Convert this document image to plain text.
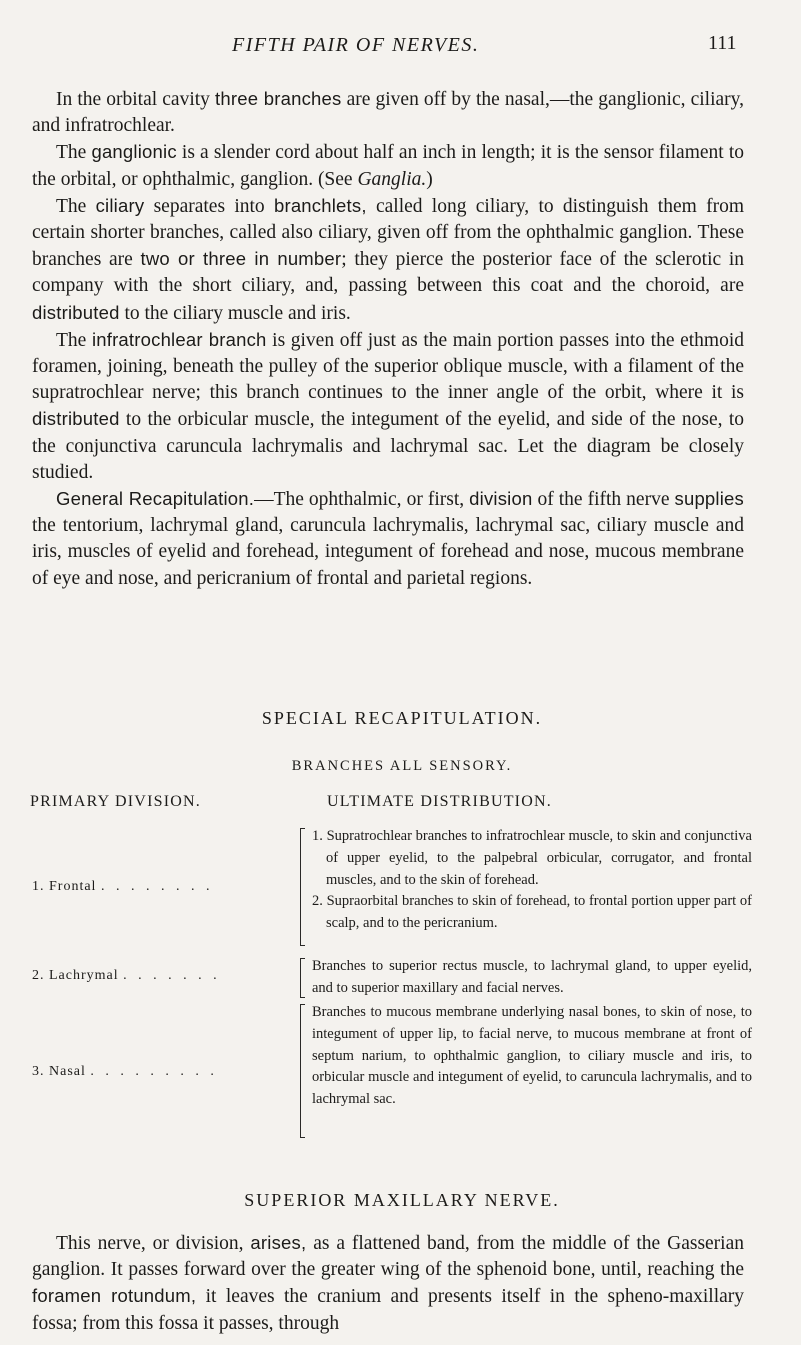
FIFTH PAIR OF NERVES.	111

In the orbital cavity three branches are given off by the nasal,—the ganglionic, ciliary, and infratrochlear.

The ganglionic is a slender cord about half an inch in length; it is the sensor filament to the orbital, or ophthalmic, ganglion. (See Ganglia.)

The ciliary separates into branchlets, called long ciliary, to distinguish them from certain shorter branches, called also ciliary, given off from the ophthalmic ganglion. These branches are two or three in number; they pierce the posterior face of the sclerotic in company with the short ciliary, and, passing between this coat and the choroid, are distributed to the ciliary muscle and iris.

The infratrochlear branch is given off just as the main portion passes into the ethmoid foramen, joining, beneath the pulley of the superior oblique muscle, with a filament of the supratrochlear nerve; this branch continues to the inner angle of the orbit, where it is distributed to the orbicular muscle, the integument of the eyelid, and side of the nose, to the conjunctiva caruncula lachrymalis and lachrymal sac. Let the diagram be closely studied.

General Recapitulation.—The ophthalmic, or first, division of the fifth nerve supplies the tentorium, lachrymal gland, caruncula lachrymalis, lachrymal sac, ciliary muscle and iris, muscles of eyelid and forehead, integument of forehead and nose, mucous membrane of eye and nose, and pericranium of frontal and parietal regions.

SPECIAL RECAPITULATION.

BRANCHES ALL SENSORY.

PRIMARY DIVISION.	ULTIMATE DISTRIBUTION.
1. Frontal . . . . . . . .
1. Supratrochlear branches to infratrochlear muscle, to skin and conjunctiva of upper eyelid, to the palpebral orbicular, corrugator, and frontal muscles, and to the skin of forehead.
2. Supraorbital branches to skin of forehead, to frontal portion upper part of scalp, and to the pericranium.
2. Lachrymal . . . . . . .
Branches to superior rectus muscle, to lachrymal gland, to upper eyelid, and to superior maxillary and facial nerves.
3. Nasal . . . . . . . . .
Branches to mucous membrane underlying nasal bones, to skin of nose, to integument of upper lip, to facial nerve, to mucous membrane at front of septum narium, to ophthalmic ganglion, to ciliary muscle and iris, to orbicular muscle and integument of eyelid, to caruncula lachrymalis, and to lachrymal sac.

SUPERIOR MAXILLARY NERVE.

This nerve, or division, arises, as a flattened band, from the middle of the Gasserian ganglion. It passes forward over the greater wing of the sphenoid bone, until, reaching the foramen rotundum, it leaves the cranium and presents itself in the spheno-maxillary fossa; from this fossa it passes, through
